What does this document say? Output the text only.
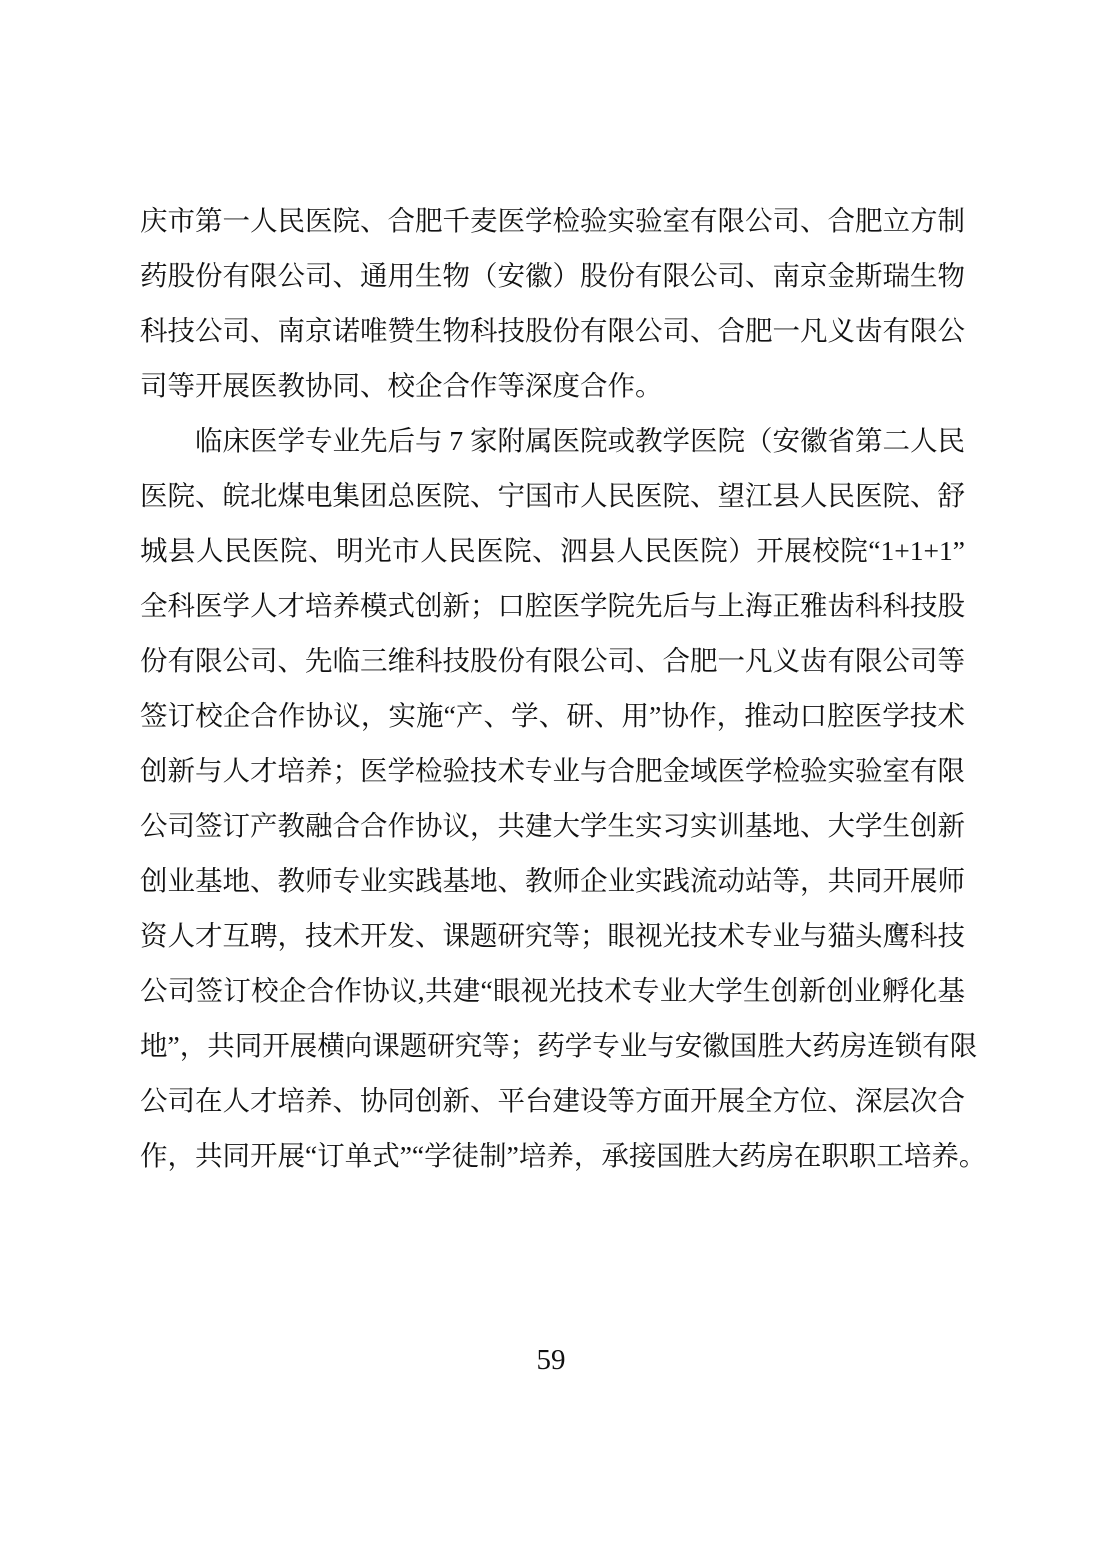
庆市第一人民医院、合肥千麦医学检验实验室有限公司、合肥立方制
药股份有限公司、通用生物（安徽）股份有限公司、南京金斯瑞生物
科技公司、南京诺唯赞生物科技股份有限公司、合肥一凡义齿有限公
司等开展医教协同、校企合作等深度合作。
临床医学专业先后与 7 家附属医院或教学医院（安徽省第二人民
医院、皖北煤电集团总医院、宁国市人民医院、望江县人民医院、舒
城县人民医院、明光市人民医院、泗县人民医院）开展校院“1+1+1”
全科医学人才培养模式创新；口腔医学院先后与上海正雅齿科科技股
份有限公司、先临三维科技股份有限公司、合肥一凡义齿有限公司等
签订校企合作协议，实施“产、学、研、用”协作，推动口腔医学技术
创新与人才培养；医学检验技术专业与合肥金域医学检验实验室有限
公司签订产教融合合作协议，共建大学生实习实训基地、大学生创新
创业基地、教师专业实践基地、教师企业实践流动站等，共同开展师
资人才互聘，技术开发、课题研究等；眼视光技术专业与猫头鹰科技
公司签订校企合作协议,共建“眼视光技术专业大学生创新创业孵化基
地”，共同开展横向课题研究等；药学专业与安徽国胜大药房连锁有限
公司在人才培养、协同创新、平台建设等方面开展全方位、深层次合
作，共同开展“订单式”“学徒制”培养，承接国胜大药房在职职工培养。
59
